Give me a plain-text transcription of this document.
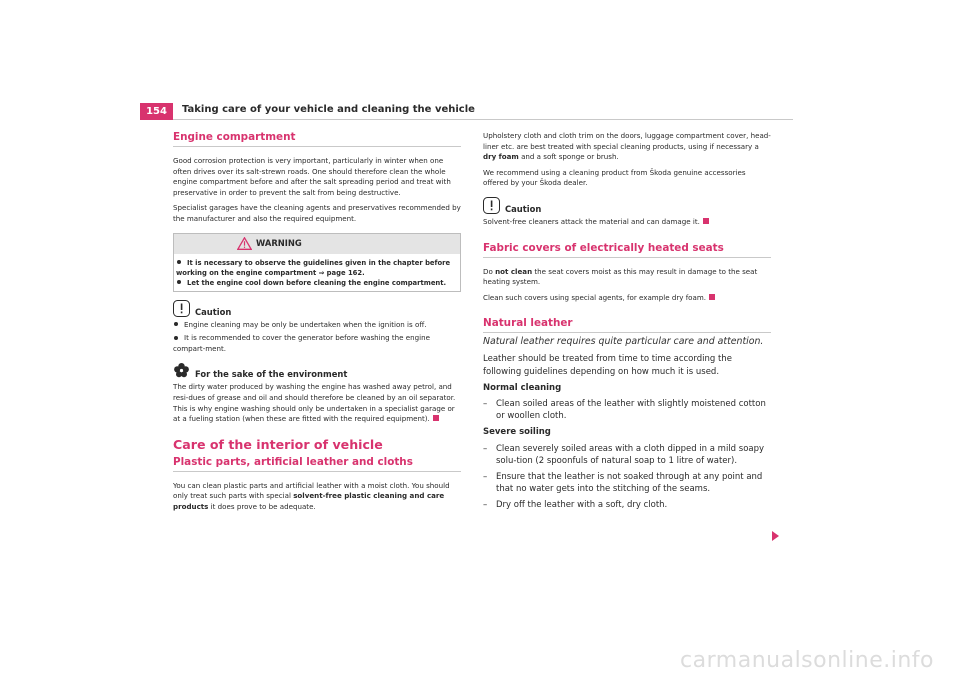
154	Taking care of your vehicle and cleaning the vehicle
Engine compartment

Good corrosion protection is very important, particularly in winter when one often drives over its salt-strewn roads. One should therefore clean the whole engine compartment before and after the salt spreading period and treat with preservative in order to prevent the salt from being destructive.

Specialist garages have the cleaning agents and preservatives recommended by the manufacturer and also the required equipment.

WARNING

It is necessary to observe the guidelines given in the chapter before working on the engine compartment ⇒ page 162.

Let the engine cool down before cleaning the engine compartment.

Caution

Engine cleaning may be only be undertaken when the ignition is off.

It is recommended to cover the generator before washing the engine compart-ment.

For the sake of the environment

The dirty water produced by washing the engine has washed away petrol, and resi-dues of grease and oil and should therefore be cleaned by an oil separator. This is why engine washing should only be undertaken in a specialist garage or at a fueling station (when these are fitted with the required equipment).

Care of the interior of vehicle
Plastic parts, artificial leather and cloths

You can clean plastic parts and artificial leather with a moist cloth. You should only treat such parts with special solvent-free plastic cleaning and care products it does prove to be adequate.

Upholstery cloth and cloth trim on the doors, luggage compartment cover, head-liner etc. are best treated with special cleaning products, using if necessary a dry foam and a soft sponge or brush.

We recommend using a cleaning product from Škoda genuine accessories offered by your Škoda dealer.

Caution

Solvent-free cleaners attack the material and can damage it.

Fabric covers of electrically heated seats

Do not clean the seat covers moist as this may result in damage to the seat heating system.

Clean such covers using special agents, for example dry foam.

Natural leather
Natural leather requires quite particular care and attention.

Leather should be treated from time to time according the following guidelines depending on how much it is used.

Normal cleaning

– Clean soiled areas of the leather with slightly moistened cotton or woollen cloth.

Severe soiling

– Clean severely soiled areas with a cloth dipped in a mild soapy solu-tion (2 spoonfuls of natural soap to 1 litre of water).
– Ensure that the leather is not soaked through at any point and that no water gets into the stitching of the seams.
– Dry off the leather with a soft, dry cloth.
carmanualsonline.info
